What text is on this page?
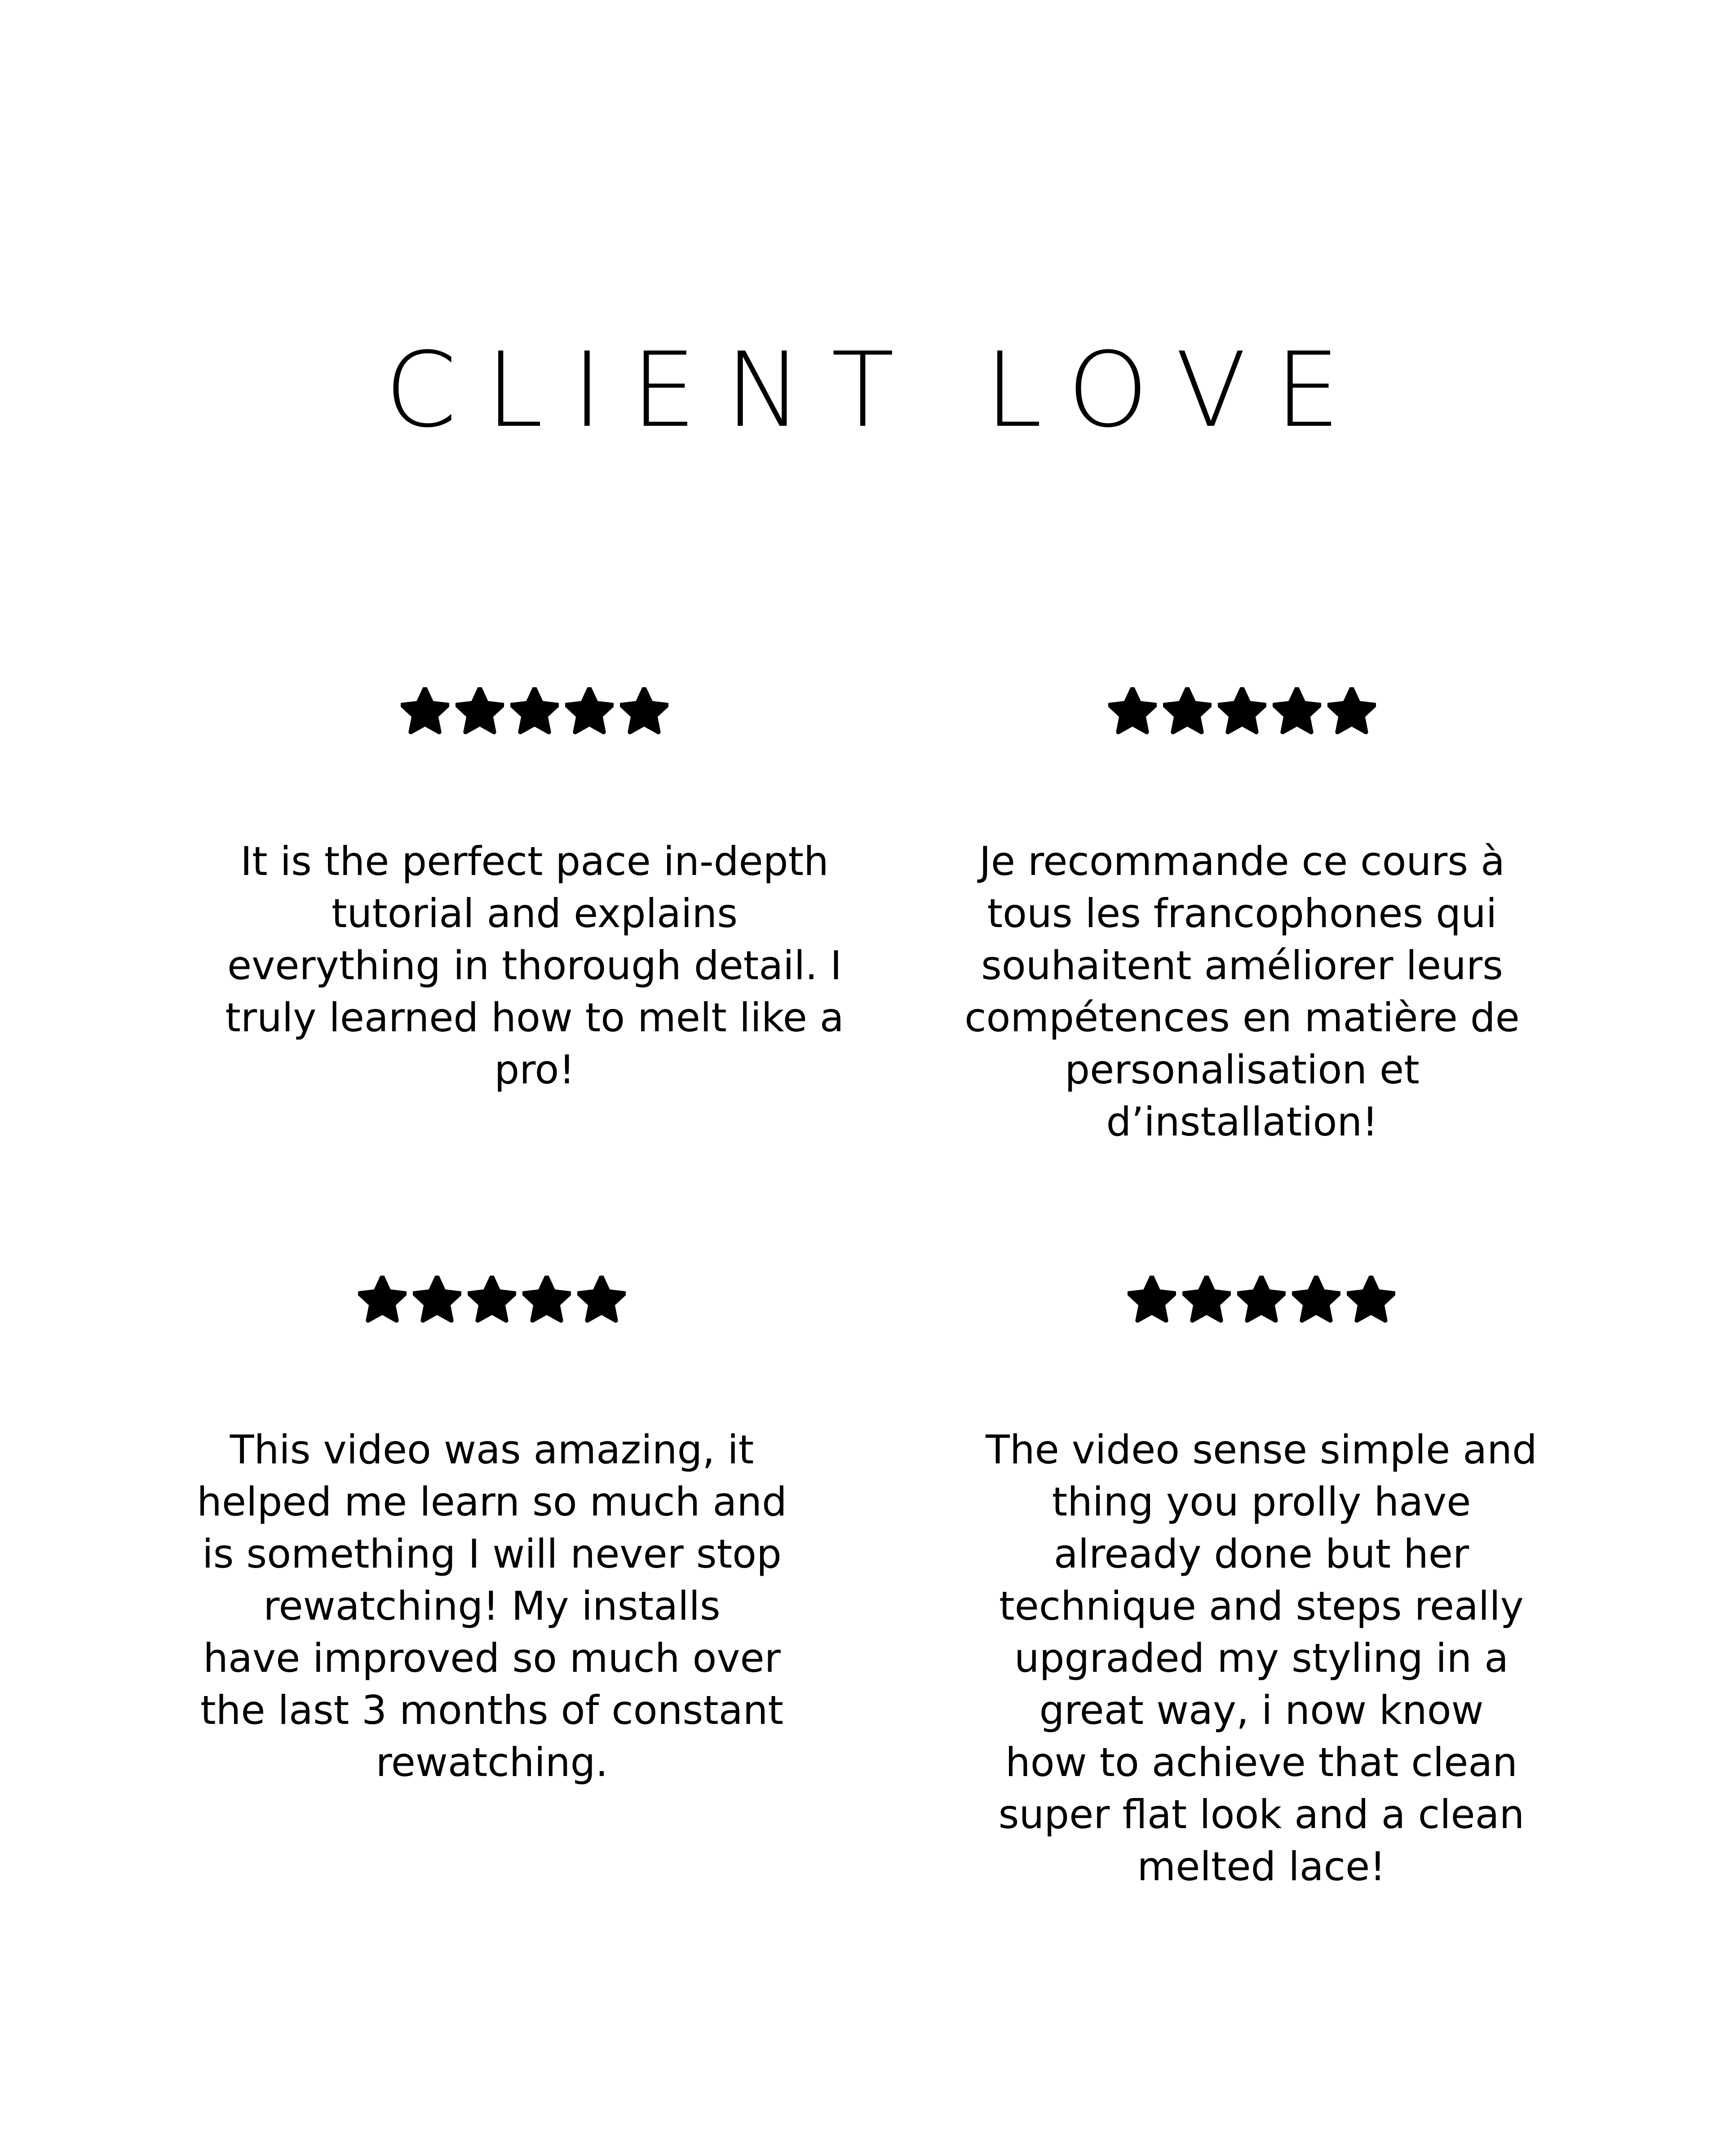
CLIENT LOVE
It is the perfect pace in-depth
tutorial and explains
everything in thorough detail. I
truly learned how to melt like a
pro!
Je recommande ce cours à
tous les francophones qui
souhaitent améliorer leurs
compétences en matière de
personalisation et
d’installation!
This video was amazing, it
helped me learn so much and
is something I will never stop
rewatching! My installs
have improved so much over
the last 3 months of constant
rewatching.
The video sense simple and
thing you prolly have
already done but her
technique and steps really
upgraded my styling in a
great way, i now know
how to achieve that clean
super flat look and a clean
melted lace!
